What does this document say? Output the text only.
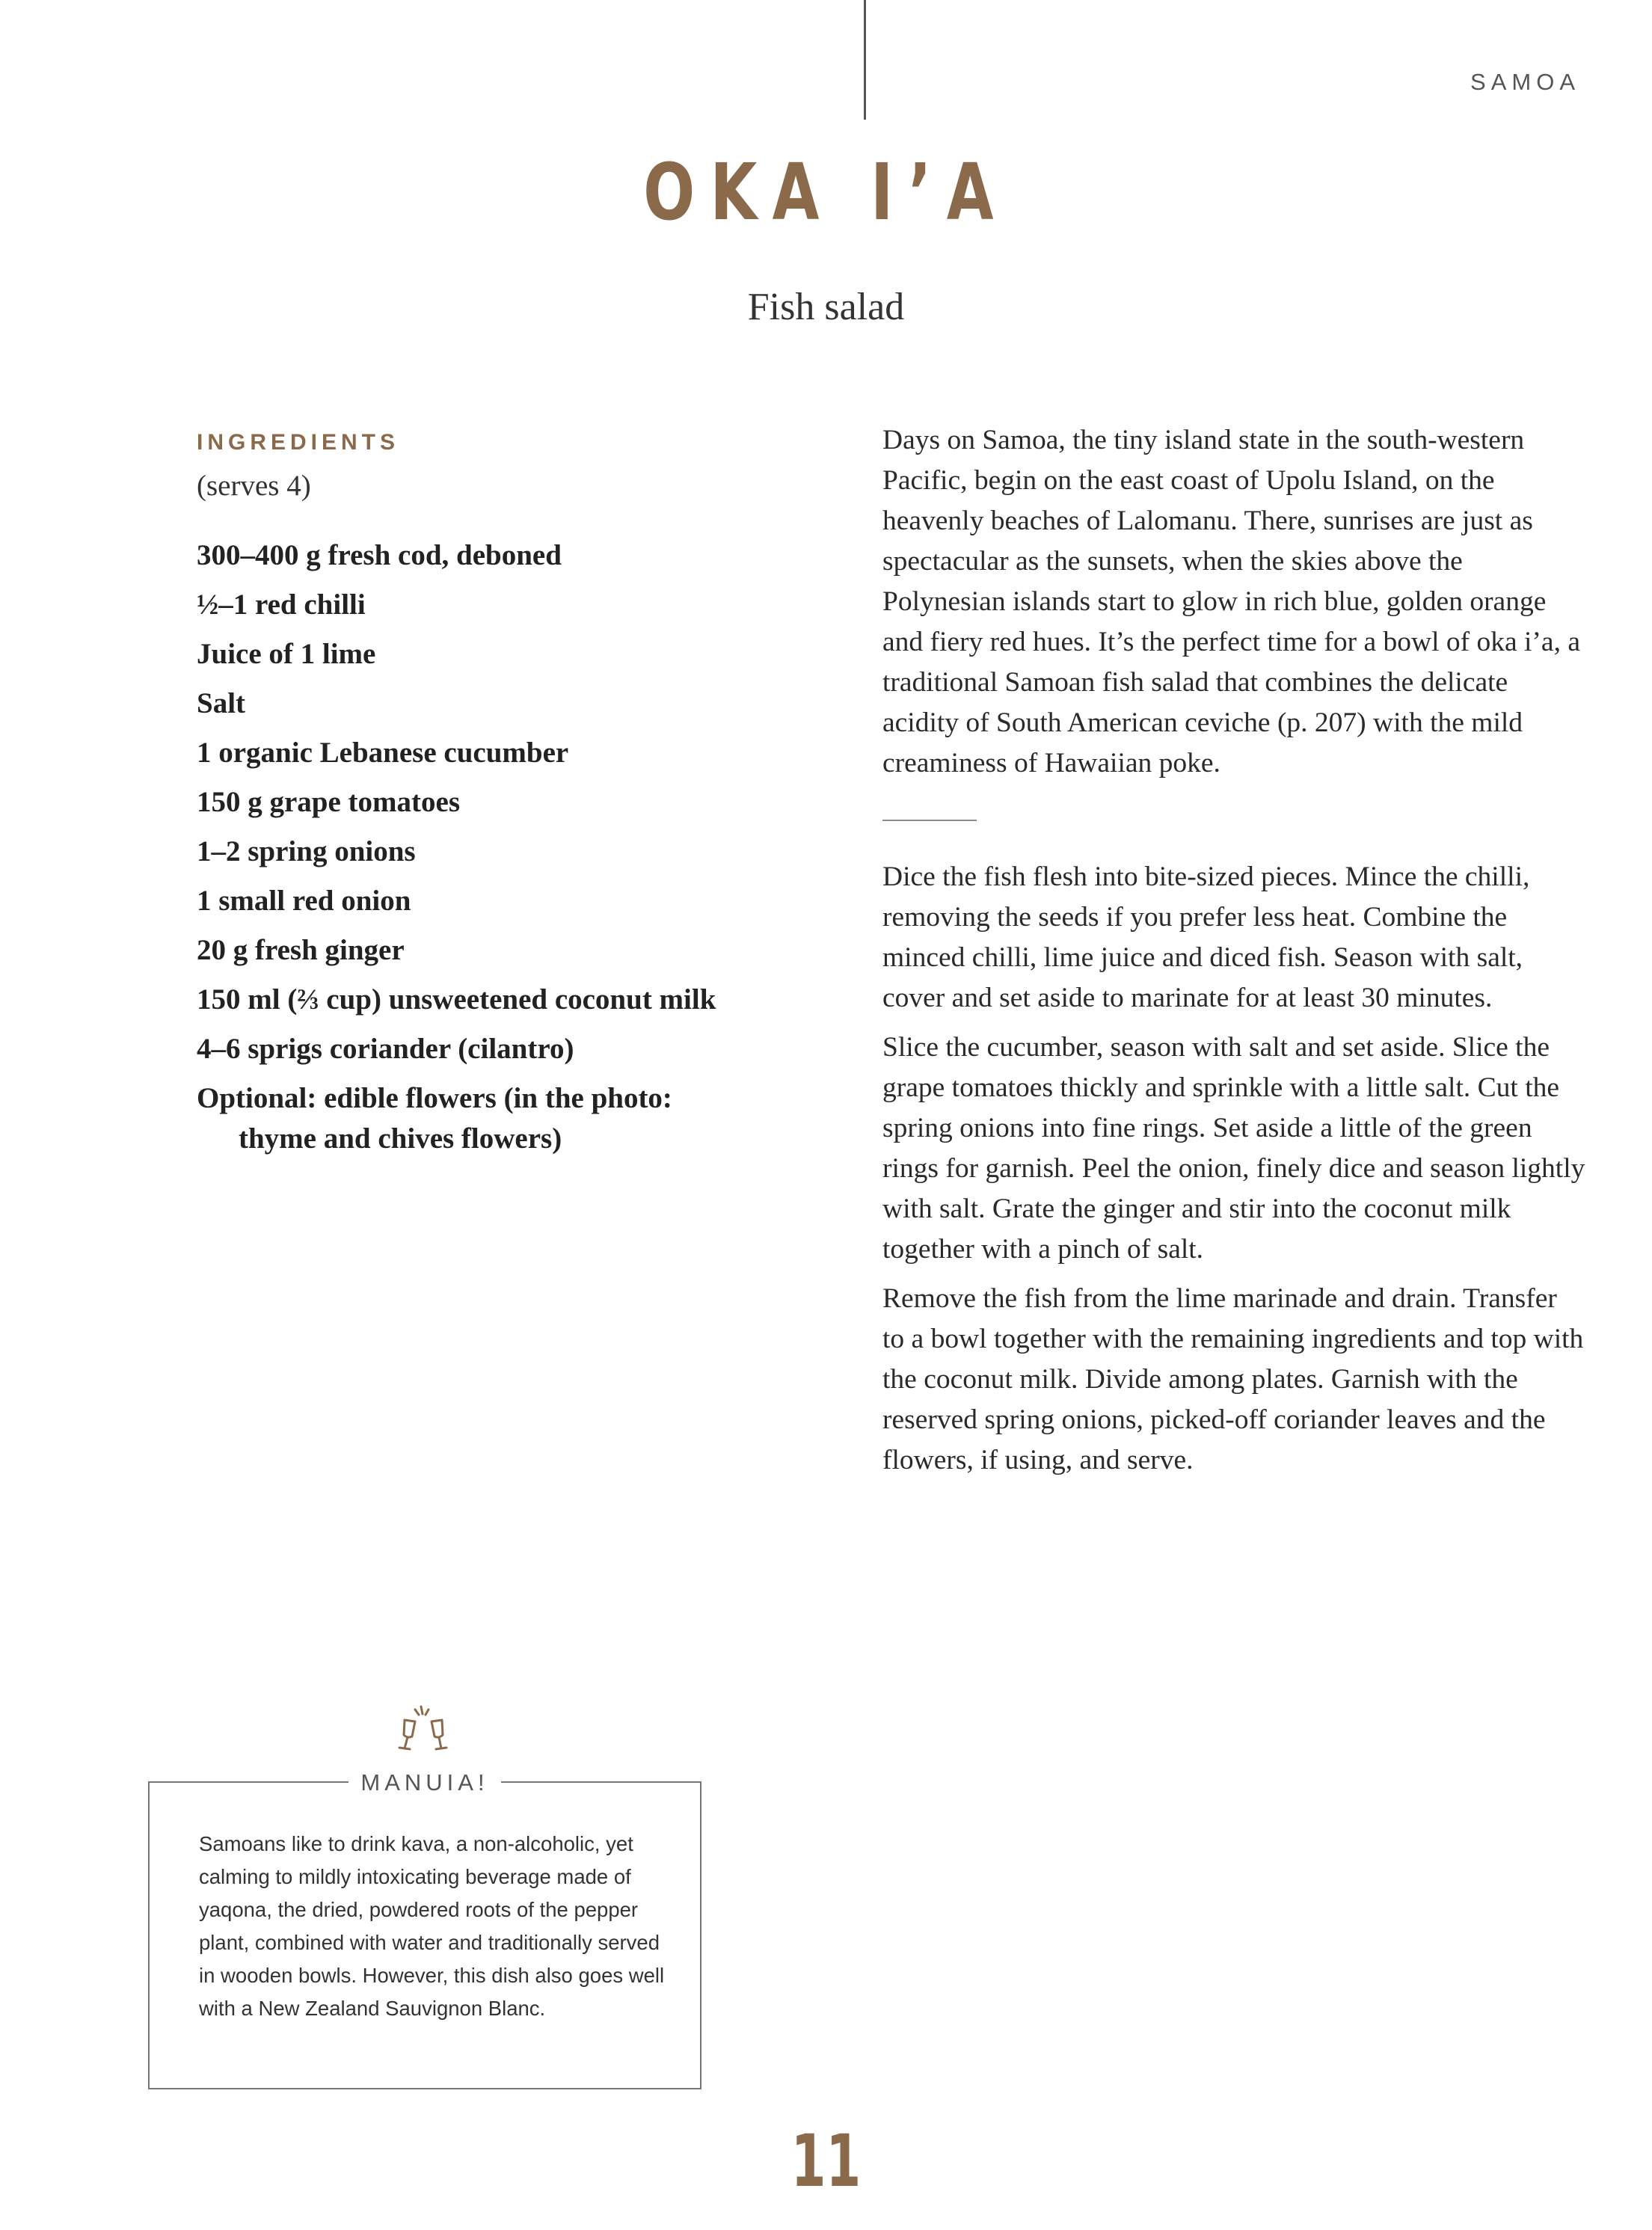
SAMOA
OKA I’A
Fish salad
INGREDIENTS
(serves 4)
300–400 g fresh cod, deboned
½–1 red chilli
Juice of 1 lime
Salt
1 organic Lebanese cucumber
150 g grape tomatoes
1–2 spring onions
1 small red onion
20 g fresh ginger
150 ml (⅔ cup) unsweetened coconut milk
4–6 sprigs coriander (cilantro)
Optional: edible flowers (in the photo: thyme and chives flowers)

Days on Samoa, the tiny island state in the south-western Pacific, begin on the east coast of Upolu Island, on the heavenly beaches of Lalomanu. There, sunrises are just as spectacular as the sunsets, when the skies above the Polynesian islands start to glow in rich blue, golden orange and fiery red hues. It’s the perfect time for a bowl of oka i’a, a traditional Samoan fish salad that combines the delicate acidity of South American ceviche (p. 207) with the mild creaminess of Hawaiian poke.

Dice the fish flesh into bite-sized pieces. Mince the chilli, removing the seeds if you prefer less heat. Combine the minced chilli, lime juice and diced fish. Season with salt, cover and set aside to marinate for at least 30 minutes.

Slice the cucumber, season with salt and set aside. Slice the grape tomatoes thickly and sprinkle with a little salt. Cut the spring onions into fine rings. Set aside a little of the green rings for garnish. Peel the onion, finely dice and season lightly with salt. Grate the ginger and stir into the coconut milk together with a pinch of salt.

Remove the fish from the lime marinade and drain. Transfer to a bowl together with the remaining ingredients and top with the coconut milk. Divide among plates. Garnish with the reserved spring onions, picked-off coriander leaves and the flowers, if using, and serve.

MANUIA!
Samoans like to drink kava, a non-alcoholic, yet calming to mildly intoxicating beverage made of yaqona, the dried, powdered roots of the pepper plant, combined with water and traditionally served in wooden bowls. However, this dish also goes well with a New Zealand Sauvignon Blanc.
11
